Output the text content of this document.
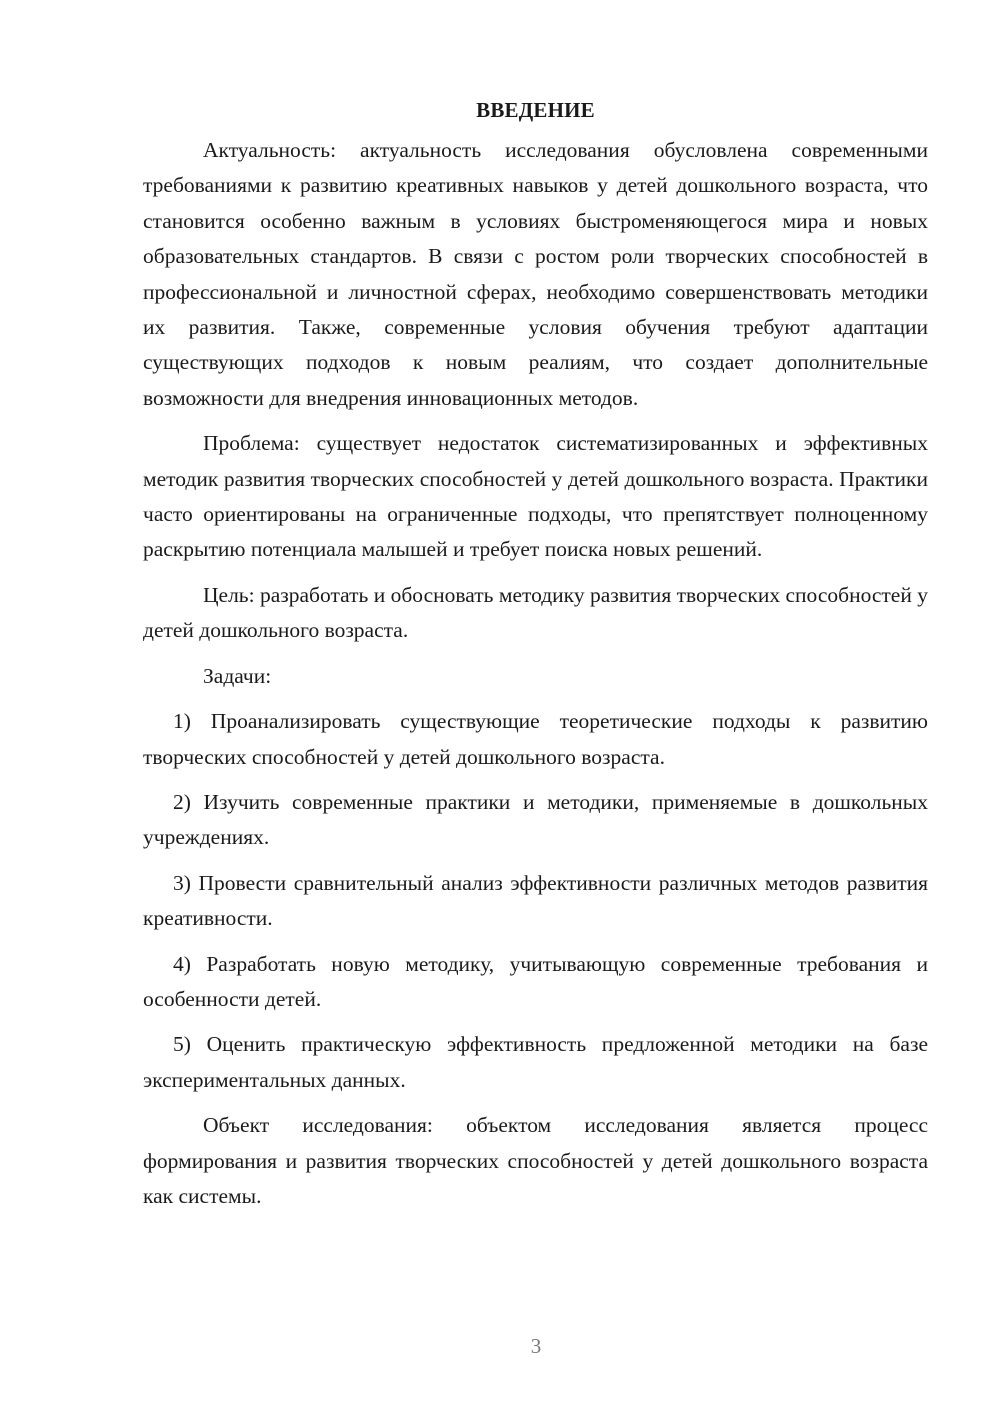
ВВЕДЕНИЕ

Актуальность: актуальность исследования обусловлена современными требованиями к развитию креативных навыков у детей дошкольного возраста, что становится особенно важным в условиях быстроменяющегося мира и новых образовательных стандартов. В связи с ростом роли творческих способностей в профессиональной и личностной сферах, необходимо совершенствовать методики их развития. Также, современные условия обучения требуют адаптации существующих подходов к новым реалиям, что создает дополнительные возможности для внедрения инновационных методов.

Проблема: существует недостаток систематизированных и эффективных методик развития творческих способностей у детей дошкольного возраста. Практики часто ориентированы на ограниченные подходы, что препятствует полноценному раскрытию потенциала малышей и требует поиска новых решений.

Цель: разработать и обосновать методику развития творческих способностей у детей дошкольного возраста.

Задачи:

1) Проанализировать существующие теоретические подходы к развитию творческих способностей у детей дошкольного возраста.

2) Изучить современные практики и методики, применяемые в дошкольных учреждениях.

3) Провести сравнительный анализ эффективности различных методов развития креативности.

4) Разработать новую методику, учитывающую современные требования и особенности детей.

5) Оценить практическую эффективность предложенной методики на базе экспериментальных данных.

Объект исследования: объектом исследования является процесс формирования и развития творческих способностей у детей дошкольного возраста как системы.

3
